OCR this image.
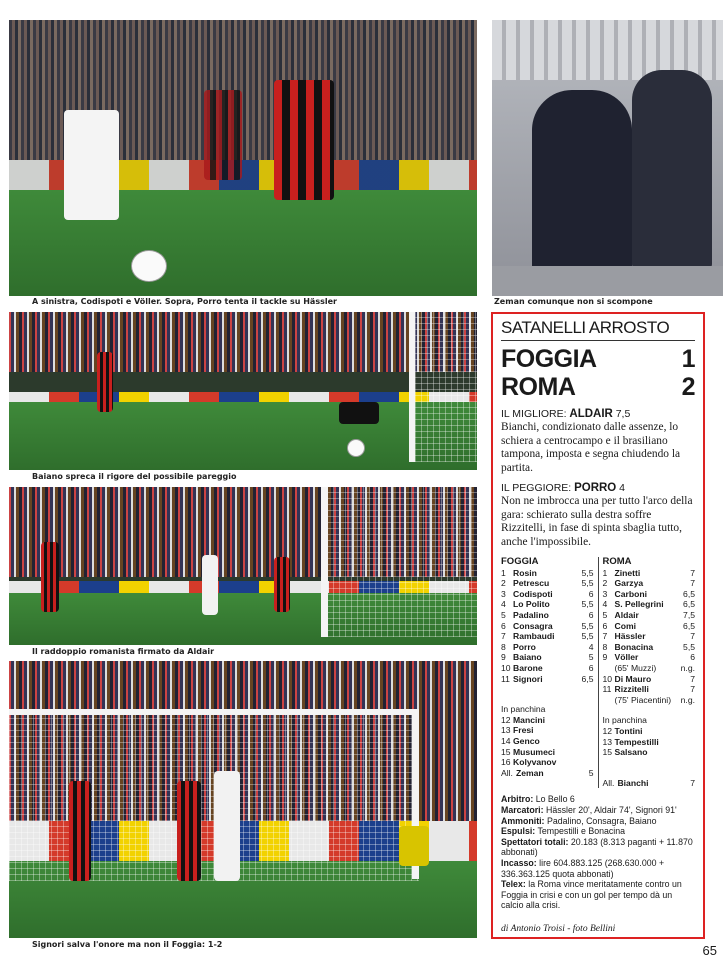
A sinistra, Codispoti e Völler. Sopra, Porro tenta il tackle su Hässler	Zeman comunque non si scompone
Baiano spreca il rigore del possibile pareggio
Il raddoppio romanista firmato da Aldair
Signori salva l'onore ma non il Foggia: 1-2
SATANELLI ARROSTO
FOGGIA	1
ROMA	2
IL MIGLIORE: ALDAIR 7,5
Bianchi, condizionato dalle assenze, lo schiera a centrocampo e il brasiliano tampona, imposta e segna chiudendo la partita.
IL PEGGIORE: PORRO 4
Non ne imbrocca una per tutto l'arco della gara: schierato sulla destra soffre Rizzitelli, in fase di spinta sbaglia tutto, anche l'impossibile.
FOGGIA
1 Rosin	5,5
2 Petrescu	5,5
3 Codispoti	6
4 Lo Polito	5,5
5 Padalino	6
6 Consagra	5,5
7 Rambaudi	5,5
8 Porro	4
9 Baiano	5
10 Barone	6
11 Signori	6,5
In panchina
12 Mancini
13 Fresi
14 Genco
15 Musumeci
16 Kolyvanov
All. Zeman	5
ROMA
1 Zinetti	7
2 Garzya	7
3 Carboni	6,5
4 S. Pellegrini	6,5
5 Aldair	7,5
6 Comi	6,5
7 Hässler	7
8 Bonacina	5,5
9 Völler	6
(65' Muzzi)	n.g.
10 Di Mauro	7
11 Rizzitelli	7
(75' Piacentini)	n.g.
In panchina
12 Tontini
13 Tempestilli
15 Salsano
All. Bianchi	7
Arbitro: Lo Bello 6
Marcatori: Hässler 20', Aldair 74', Signori 91'
Ammoniti: Padalino, Consagra, Baiano
Espulsi: Tempestilli e Bonacina
Spettatori totali: 20.183 (8.313 paganti + 11.870 abbonati)
Incasso: lire 604.883.125 (268.630.000 + 336.363.125 quota abbonati)
Telex: la Roma vince meritatamente contro un Foggia in crisi e con un gol per tempo dà un calcio alla crisi.
di Antonio Troisi - foto Bellini
65
